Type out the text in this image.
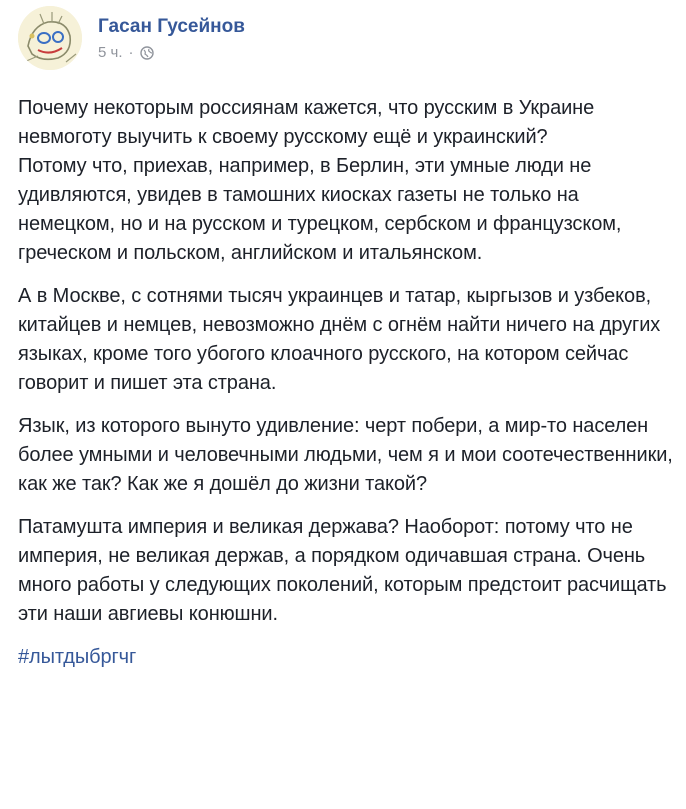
Гасан Гусейнов
5 ч. ·

Почему некоторым россиянам кажется, что русским в Украине невмоготу выучить к своему русскому ещё и украинский?
Потому что, приехав, например, в Берлин, эти умные люди не удивляются, увидев в тамошних киосках газеты не только на немецком, но и на русском и турецком, сербском и французском, греческом и польском, английском и итальянском.

А в Москве, с сотнями тысяч украинцев и татар, кыргызов и узбеков, китайцев и немцев, невозможно днём с огнём найти ничего на других языках, кроме того убогого клоачного русского, на котором сейчас говорит и пишет эта страна.

Язык, из которого вынуто удивление: черт побери, а мир-то населен более умными и человечными людьми, чем я и мои соотечественники, как же так? Как же я дошёл до жизни такой?

Патамушта империя и великая держава? Наоборот: потому что не империя, не великая держав, а порядком одичавшая страна. Очень много работы у следующих поколений, которым предстоит расчищать эти наши авгиевы конюшни.

#лытдыбргчг
